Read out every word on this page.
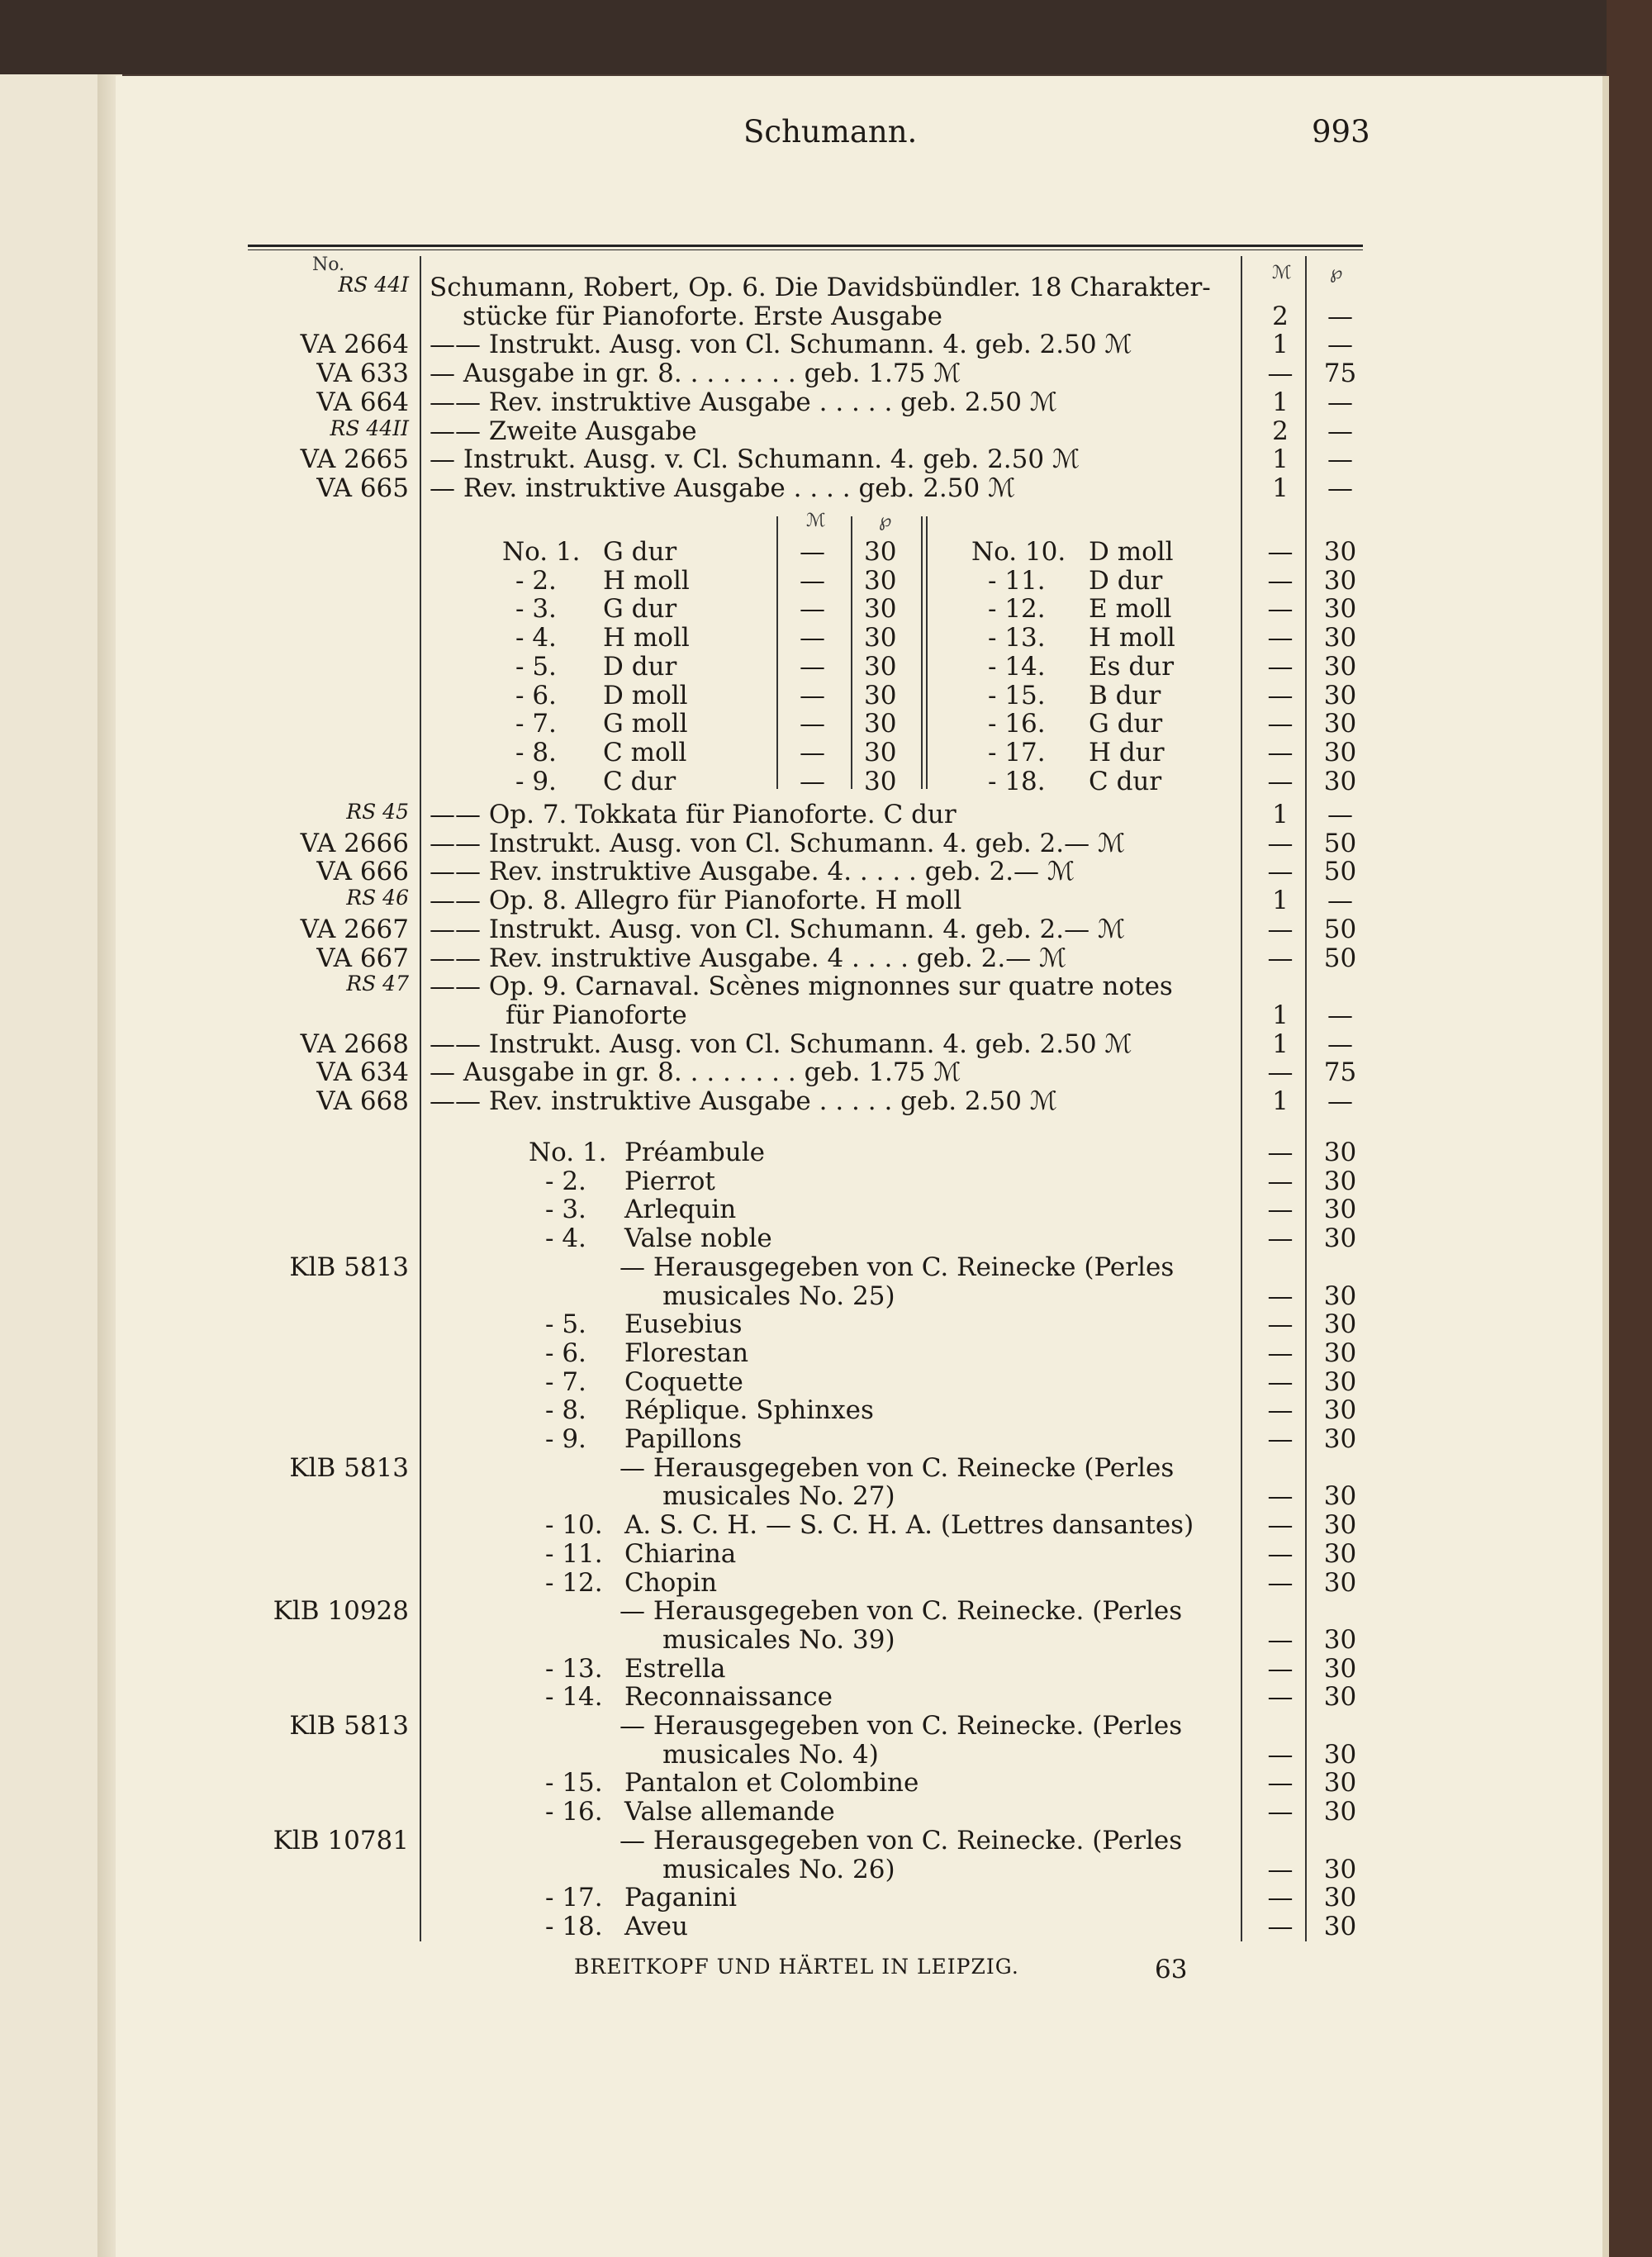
Schumann.	993
No.	ℳ ℘
RS 44I Schumann, Robert, Op. 6. Die Davidsbündler. 18 Charakter-
stücke für Pianoforte. Erste Ausgabe	2	—
VA 2664 —— Instrukt. Ausg. von Cl. Schumann. 4. geb. 2.50 ℳ	1	—
VA 633 — Ausgabe in gr. 8. . . . . . . . geb. 1.75 ℳ	—	75
VA 664 —— Rev. instruktive Ausgabe . . . . . geb. 2.50 ℳ	1	—
RS 44II —— Zweite Ausgabe	2	—
VA 2665 — Instrukt. Ausg. v. Cl. Schumann. 4. geb. 2.50 ℳ	1	—
VA 665 — Rev. instruktive Ausgabe . . . . geb. 2.50 ℳ	1	—
ℳ	℘
No. 1. G dur	— 30
- 2. H moll	— 30
- 3. G dur	— 30
- 4. H moll	— 30
- 5. D dur	— 30
- 6. D moll	— 30
- 7. G moll	— 30
- 8. C moll	— 30
- 9. C dur	— 30
No. 10. D moll	—	30
- 11. D dur	—	30
- 12. E moll	—	30
- 13. H moll	—	30
- 14. Es dur	—	30
- 15. B dur	—	30
- 16. G dur	—	30
- 17. H dur	—	30
- 18. C dur	—	30
RS 45 —— Op. 7. Tokkata für Pianoforte. C dur	1	—
VA 2666 —— Instrukt. Ausg. von Cl. Schumann. 4. geb. 2.— ℳ	—	50
VA 666 —— Rev. instruktive Ausgabe. 4. . . . . geb. 2.— ℳ	—	50
RS 46 —— Op. 8. Allegro für Pianoforte. H moll	1	—
VA 2667 —— Instrukt. Ausg. von Cl. Schumann. 4. geb. 2.— ℳ	—	50
VA 667 —— Rev. instruktive Ausgabe. 4 . . . . geb. 2.— ℳ	—	50
RS 47 —— Op. 9. Carnaval. Scènes mignonnes sur quatre notes
für Pianoforte	1	—
VA 2668 —— Instrukt. Ausg. von Cl. Schumann. 4. geb. 2.50 ℳ	1	—
VA 634 — Ausgabe in gr. 8. . . . . . . . geb. 1.75 ℳ	—	75
VA 668 —— Rev. instruktive Ausgabe . . . . . geb. 2.50 ℳ	1	—
No. 1. Préambule	—	30
- 2. Pierrot	—	30
- 3. Arlequin	—	30
- 4. Valse noble	—	30
KlB 5813	— Herausgegeben von C. Reinecke (Perles
musicales No. 25)	—	30
- 5. Eusebius	—	30
- 6. Florestan	—	30
- 7. Coquette	—	30
- 8. Réplique. Sphinxes	—	30
- 9. Papillons	—	30
KlB 5813	— Herausgegeben von C. Reinecke (Perles
musicales No. 27)	—	30
- 10. A. S. C. H. — S. C. H. A. (Lettres dansantes)	—	30
- 11. Chiarina	—	30
- 12. Chopin	—	30
KlB 10928	— Herausgegeben von C. Reinecke. (Perles
musicales No. 39)	—	30
- 13. Estrella	—	30
- 14. Reconnaissance	—	30
KlB 5813	— Herausgegeben von C. Reinecke. (Perles
musicales No. 4)	—	30
- 15. Pantalon et Colombine	—	30
- 16. Valse allemande	—	30
KlB 10781	— Herausgegeben von C. Reinecke. (Perles
musicales No. 26)	—	30
- 17. Paganini	—	30
- 18. Aveu	—	30
BREITKOPF UND HÄRTEL IN LEIPZIG.	63
